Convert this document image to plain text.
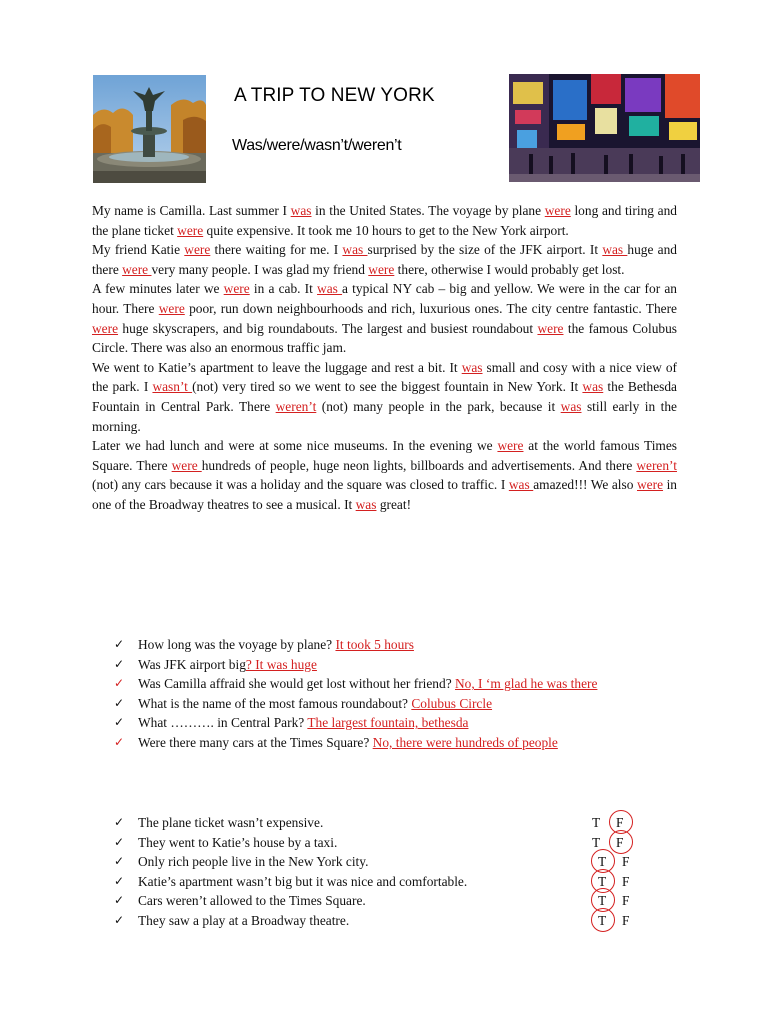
A TRIP TO NEW YORK
Was/were/wasn’t/weren’t

My name is Camilla. Last summer I was in the United States. The voyage by plane were long and tiring and the plane ticket were quite expensive. It took me 10 hours to get to the New York airport.

My friend Katie were there waiting for me. I was surprised by the size of the JFK airport. It was huge and there were very many people. I was glad my friend were there, otherwise I would probably get lost.

A few minutes later we were in a cab. It was a typical NY cab – big and yellow. We were in the car for an hour. There were poor, run down neighbourhoods and rich, luxurious ones. The city centre fantastic. There were huge skyscrapers, and big roundabouts. The largest and busiest roundabout were the famous Colubus Circle. There was also an enormous traffic jam.

We went to Katie’s apartment to leave the luggage and rest a bit. It was small and cosy with a nice view of the park. I wasn’t (not) very tired so we went to see the biggest fountain in New York. It was the Bethesda Fountain in Central Park. There weren’t (not) many people in the park, because it was still early in the morning.

Later we had lunch and were at some nice museums. In the evening we were at the world famous Times Square. There were hundreds of people, huge neon lights, billboards and advertisements. And there weren’t (not) any cars because it was a holiday and the square was closed to traffic. I was amazed!!! We also were in one of the Broadway theatres to see a musical. It was great!

✓ How long was the voyage by plane? It took 5 hours
✓ Was JFK airport big? It was huge
✓ Was Camilla affraid she would get lost without her friend? No, I ‘m glad he was there
✓ What is the name of the most famous roundabout? Colubus Circle
✓ What ………. in Central Park? The largest fountain, bethesda
✓ Were there many cars at the Times Square? No, there were hundreds of people
✓ The plane ticket wasn’t expensive.	T F
✓ They went to Katie’s house by a taxi.	T F
✓ Only rich people live in the New York city.	T F
✓ Katie’s apartment wasn’t big but it was nice and comfortable.	T F
✓ Cars weren’t allowed to the Times Square.	T F
✓ They saw a play at a Broadway theatre.	T F
